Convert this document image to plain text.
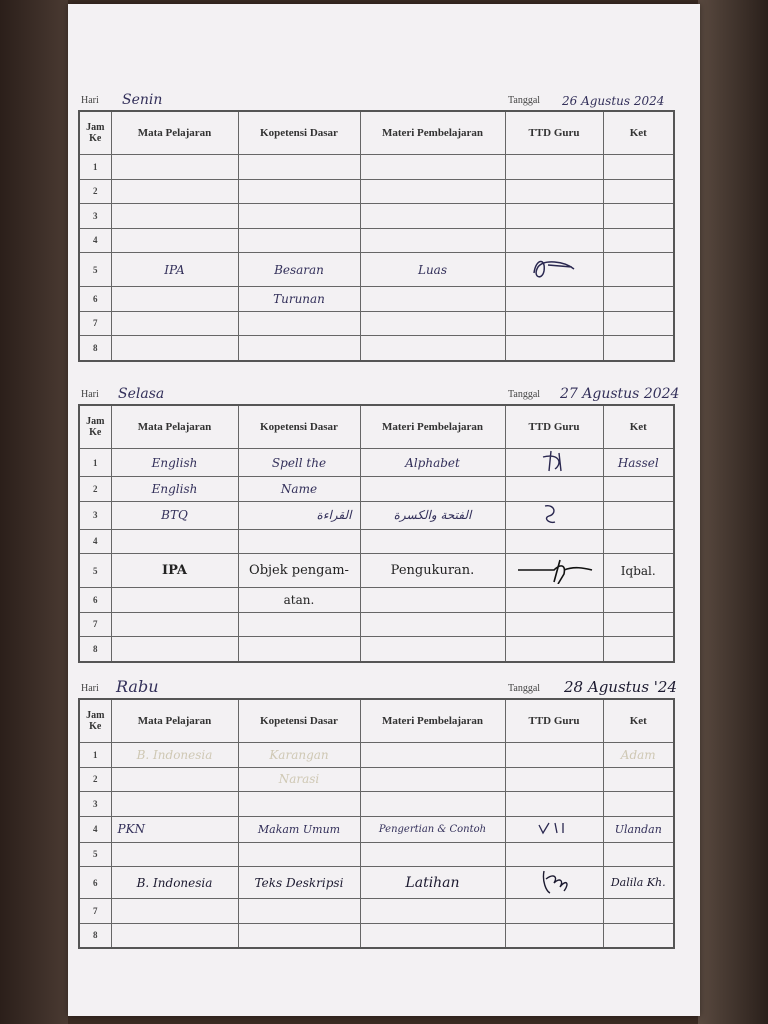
Hari Senin	Tanggal 26 Agustus 2024
Jam Ke	Mata Pelajaran	Kopetensi Dasar	Materi Pembelajaran	TTD Guru	Ket
1					
2					
3					
4					
5	IPA	Besaran	Luas		
6		Turunan			
7					
8					
Hari Selasa	Tanggal 27 Agustus 2024
Jam Ke	Mata Pelajaran	Kopetensi Dasar	Materi Pembelajaran	TTD Guru	Ket
1	English	Spell the	Alphabet		Hassel
2	English	Name			
3	BTQ	القراءة	الفتحة والكسرة		
4					
5	IPA	Objek pengam-	Pengukuran.		Iqbal.
6		atan.			
7					
8					
Hari Rabu	Tanggal 28 Agustus '24
Jam Ke	Mata Pelajaran	Kopetensi Dasar	Materi Pembelajaran	TTD Guru	Ket
1	B. Indonesia	Karangan			Adam
2		Narasi			
3					
4	PKN	Makam Umum	Pengertian & Contoh		Ulandan
5					
6	B. Indonesia	Teks Deskripsi	Latihan		Dalila Kh.
7					
8					
